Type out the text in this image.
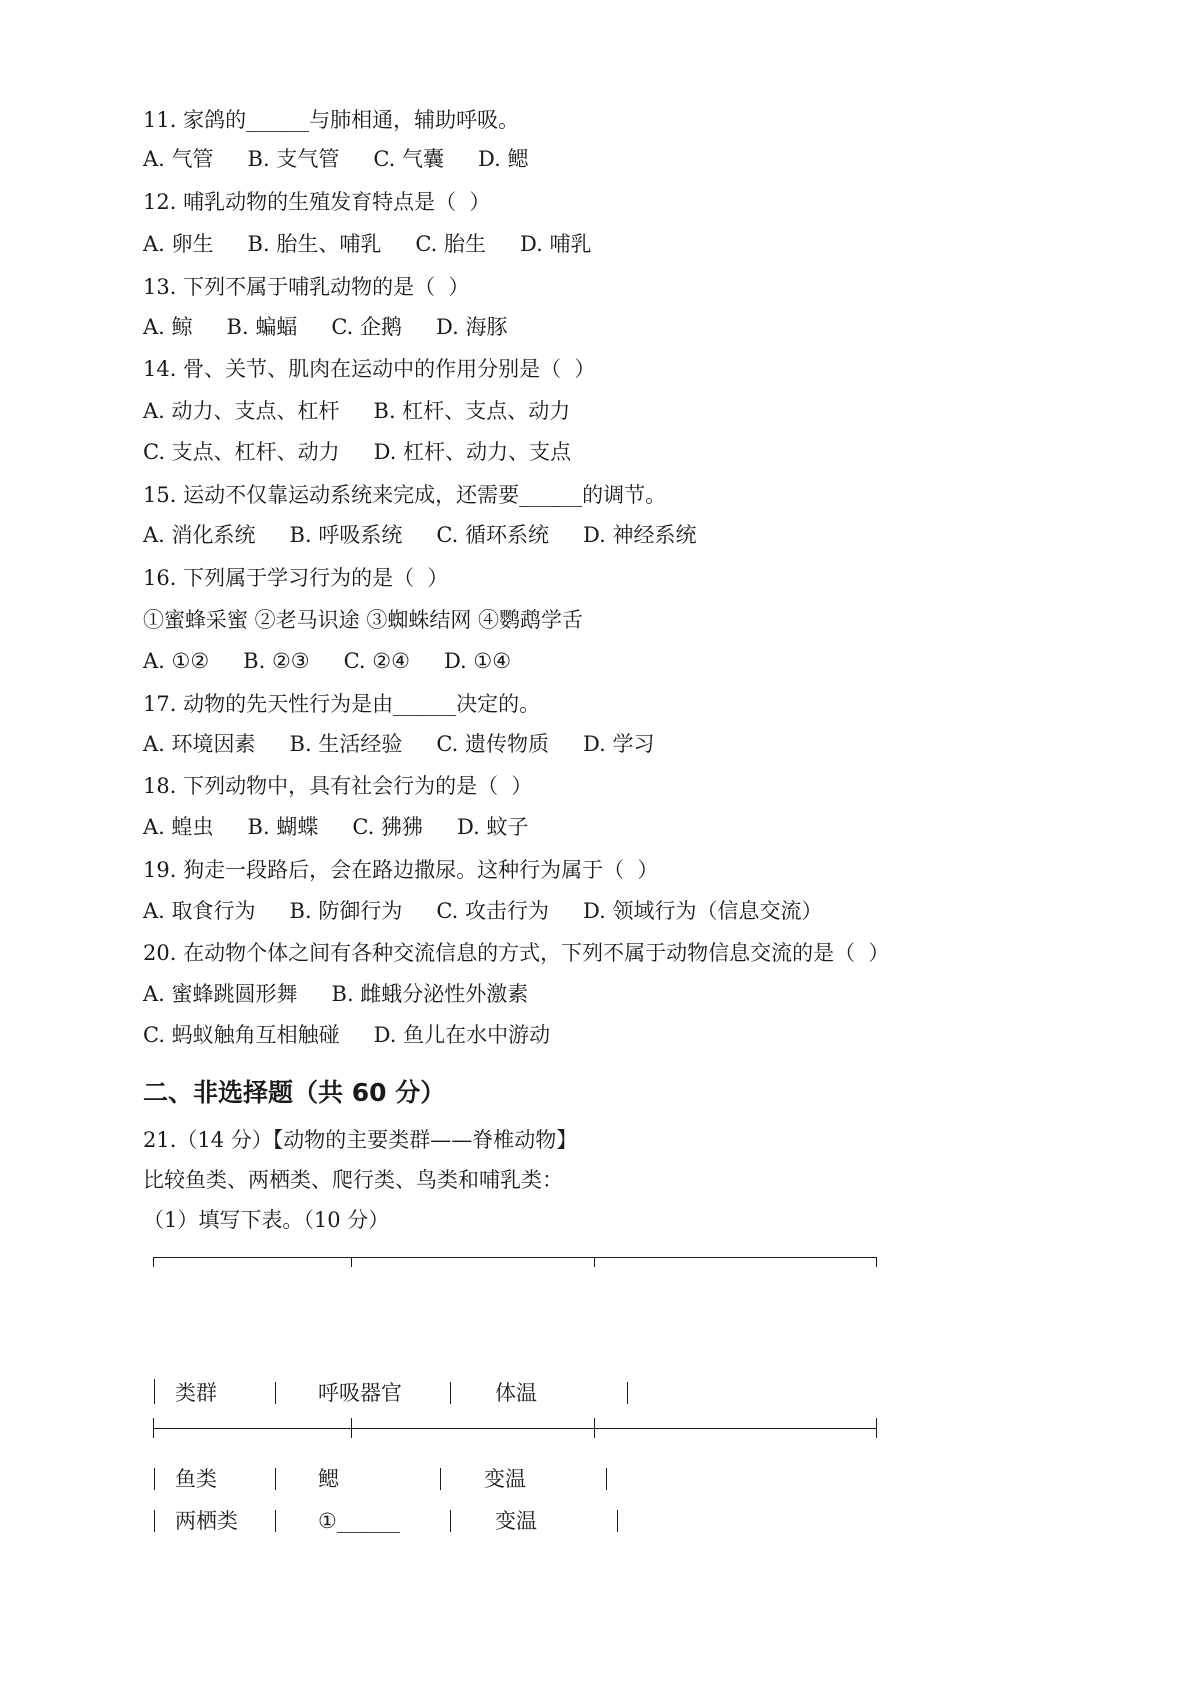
11. 家鸽的______与肺相通，辅助呼吸。
A. 气管 B. 支气管 C. 气囊 D. 鳃
12. 哺乳动物的生殖发育特点是（  ）
A. 卵生 B. 胎生、哺乳 C. 胎生 D. 哺乳
13. 下列不属于哺乳动物的是（  ）
A. 鲸 B. 蝙蝠 C. 企鹅 D. 海豚
14. 骨、关节、肌肉在运动中的作用分别是（  ）
A. 动力、支点、杠杆 B. 杠杆、支点、动力
C. 支点、杠杆、动力 D. 杠杆、动力、支点
15. 运动不仅靠运动系统来完成，还需要______的调节。
A. 消化系统 B. 呼吸系统 C. 循环系统 D. 神经系统
16. 下列属于学习行为的是（  ）
①蜜蜂采蜜 ②老马识途 ③蜘蛛结网 ④鹦鹉学舌
A. ①② B. ②③ C. ②④ D. ①④
17. 动物的先天性行为是由______决定的。
A. 环境因素 B. 生活经验 C. 遗传物质 D. 学习
18. 下列动物中，具有社会行为的是（  ）
A. 蝗虫 B. 蝴蝶 C. 狒狒 D. 蚊子
19. 狗走一段路后，会在路边撒尿。这种行为属于（  ）
A. 取食行为 B. 防御行为 C. 攻击行为 D. 领域行为（信息交流）
20. 在动物个体之间有各种交流信息的方式，下列不属于动物信息交流的是（  ）
A. 蜜蜂跳圆形舞 B. 雌蛾分泌性外激素
C. 蚂蚁触角互相触碰 D. 鱼儿在水中游动
二、非选择题（共 60 分）
21.（14 分）【动物的主要类群——脊椎动物】
比较鱼类、两栖类、爬行类、鸟类和哺乳类：
（1）填写下表。（10 分）
类群	呼吸器官	体温
鱼类	鳃	变温
两栖类	①______	变温
